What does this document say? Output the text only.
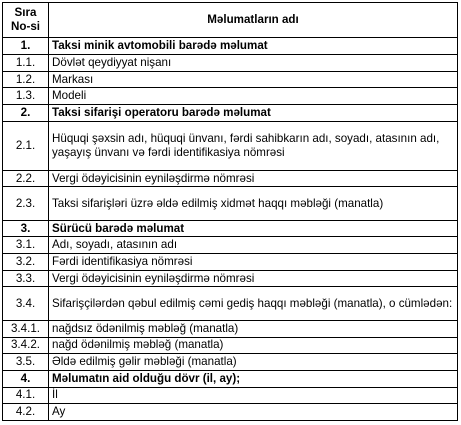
Sıra
No-si	Məlumatların adı
1.	Taksi minik avtomobili barədə məlumat
1.1.	Dövlət qeydiyyat nişanı
1.2.	Markası
1.3.	Modeli
2.	Taksi sifarişi operatoru barədə məlumat
2.1.	Hüquqi şəxsin adı, hüquqi ünvanı, fərdi sahibkarın adı, soyadı, atasının adı, yaşayış ünvanı və fərdi identifikasiya nömrəsi
2.2.	Vergi ödəyicisinin eyniləşdirmə nömrəsi
2.3.	Taksi sifarişləri üzrə əldə edilmiş xidmət haqqı məbləği (manatla)
3.	Sürücü barədə məlumat
3.1.	Adı, soyadı, atasının adı
3.2.	Fərdi identifikasiya nömrəsi
3.3.	Vergi ödəyicisinin eyniləşdirmə nömrəsi
3.4.	Sifarişçilərdən qəbul edilmiş cəmi gediş haqqı məbləği (manatla), o cümlədən:
3.4.1.	nağdsız ödənilmiş məbləğ (manatla)
3.4.2.	nağd ödənilmiş məbləğ (manatla)
3.5.	Əldə edilmiş gəlir məbləği (manatla)
4.	Məlumatın aid olduğu dövr (il, ay);
4.1.	İl
4.2.	Ay
